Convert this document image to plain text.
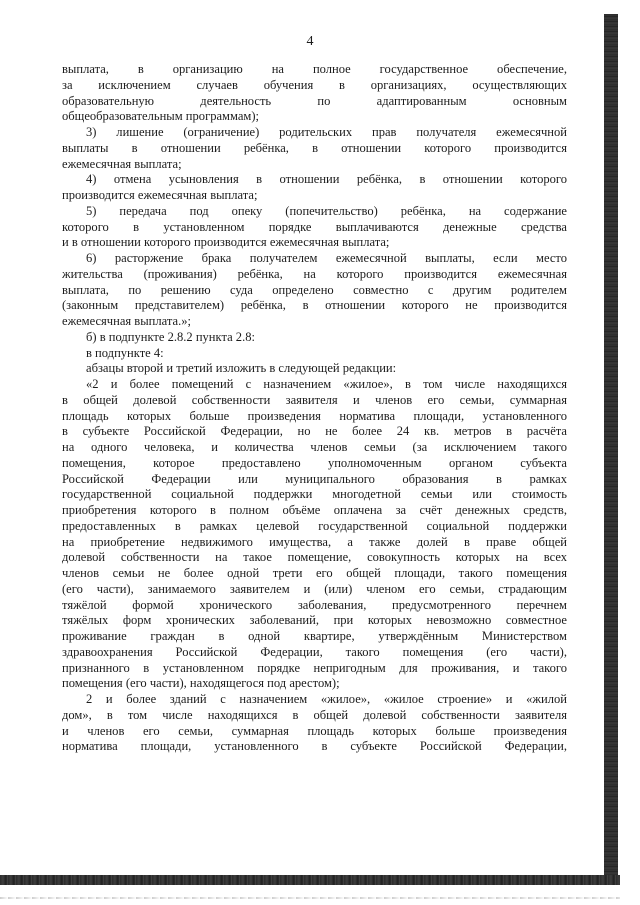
4
выплата, в организацию на полное государственное обеспечение,
за исключением случаев обучения в организациях, осуществляющих
образовательную деятельность по адаптированным основным
общеобразовательным программам);
3) лишение (ограничение) родительских прав получателя ежемесячной
выплаты в отношении ребёнка, в отношении которого производится
ежемесячная выплата;
4) отмена усыновления в отношении ребёнка, в отношении которого
производится ежемесячная выплата;
5) передача под опеку (попечительство) ребёнка, на содержание
которого в установленном порядке выплачиваются денежные средства
и в отношении которого производится ежемесячная выплата;
6) расторжение брака получателем ежемесячной выплаты, если место
жительства (проживания) ребёнка, на которого производится ежемесячная
выплата, по решению суда определено совместно с другим родителем
(законным представителем) ребёнка, в отношении которого не производится
ежемесячная выплата.»;
б) в подпункте 2.8.2 пункта 2.8:
в подпункте 4:
абзацы второй и третий изложить в следующей редакции:
«2 и более помещений с назначением «жилое», в том числе находящихся
в общей долевой собственности заявителя и членов его семьи, суммарная
площадь которых больше произведения норматива площади, установленного
в субъекте Российской Федерации, но не более 24 кв. метров в расчёта
на одного человека, и количества членов семьи (за исключением такого
помещения, которое предоставлено уполномоченным органом субъекта
Российской Федерации или муниципального образования в рамках
государственной социальной поддержки многодетной семьи или стоимость
приобретения которого в полном объёме оплачена за счёт денежных средств,
предоставленных в рамках целевой государственной социальной поддержки
на приобретение недвижимого имущества, а также долей в праве общей
долевой собственности на такое помещение, совокупность которых на всех
членов семьи не более одной трети его общей площади, такого помещения
(его части), занимаемого заявителем и (или) членом его семьи, страдающим
тяжёлой формой хронического заболевания, предусмотренного перечнем
тяжёлых форм хронических заболеваний, при которых невозможно совместное
проживание граждан в одной квартире, утверждённым Министерством
здравоохранения Российской Федерации, такого помещения (его части),
признанного в установленном порядке непригодным для проживания, и такого
помещения (его части), находящегося под арестом);
2 и более зданий с назначением «жилое», «жилое строение» и «жилой
дом», в том числе находящихся в общей долевой собственности заявителя
и членов его семьи, суммарная площадь которых больше произведения
норматива площади, установленного в субъекте Российской Федерации,
